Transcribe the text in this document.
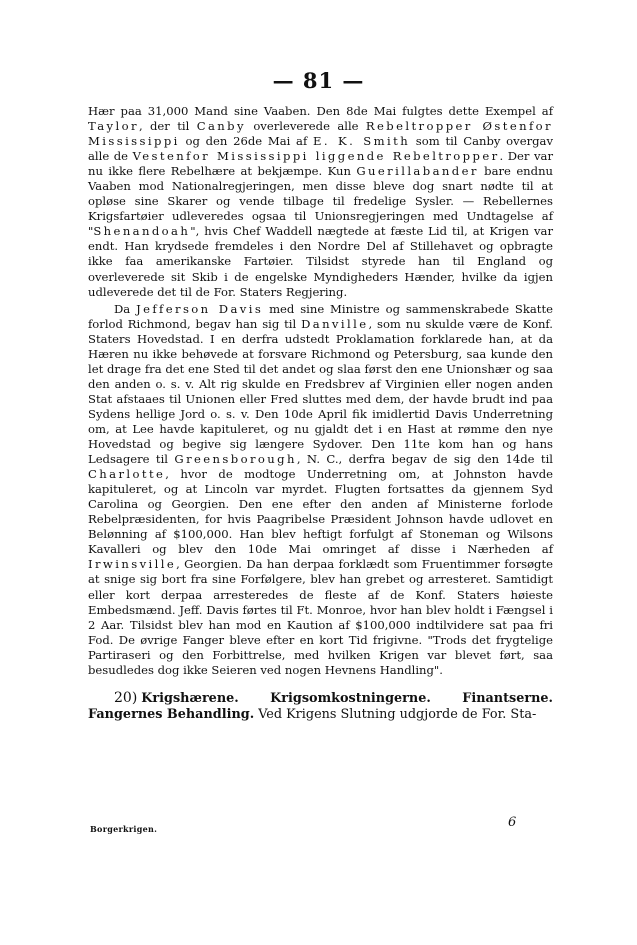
— 81 —

Hær paa 31,000 Mand sine Vaaben. Den 8de Mai fulgtes dette Exempel af Taylor, der til Canby overleverede alle Rebeltropper Østenfor Mississippi og den 26de Mai af E. K. Smith som til Canby overgav alle de Vestenfor Mississippi liggende Rebeltropper. Der var nu ikke flere Rebelhære at bekjæmpe. Kun Guerillabander bare endnu Vaaben mod Nationalregjeringen, men disse bleve dog snart nødte til at opløse sine Skarer og vende tilbage til fredelige Sysler. — Rebellernes Krigsfartøier udleveredes ogsaa til Unionsregjeringen med Undtagelse af "Shenandoah", hvis Chef Waddell nægtede at fæste Lid til, at Krigen var endt. Han krydsede fremdeles i den Nordre Del af Stillehavet og opbragte ikke faa amerikanske Fartøier. Tilsidst styrede han til England og overleverede sit Skib i de engelske Myndigheders Hænder, hvilke da igjen udleverede det til de For. Staters Regjering.

Da Jefferson Davis med sine Ministre og sammenskrabede Skatte forlod Richmond, begav han sig til Danville, som nu skulde være de Konf. Staters Hovedstad. I en derfra udstedt Proklamation forklarede han, at da Hæren nu ikke behøvede at forsvare Richmond og Petersburg, saa kunde den let drage fra det ene Sted til det andet og slaa først den ene Unionshær og saa den anden o. s. v. Alt rig skulde en Fredsbrev af Virginien eller nogen anden Stat afstaaes til Unionen eller Fred sluttes med dem, der havde brudt ind paa Sydens hellige Jord o. s. v. Den 10de April fik imidlertid Davis Underretning om, at Lee havde kapituleret, og nu gjaldt det i en Hast at rømme den nye Hovedstad og begive sig længere Sydover. Den 11te kom han og hans Ledsagere til Greensborough, N. C., derfra begav de sig den 14de til Charlotte, hvor de modtoge Underretning om, at Johnston havde kapituleret, og at Lincoln var myrdet. Flugten fortsattes da gjennem Syd Carolina og Georgien. Den ene efter den anden af Ministerne forlode Rebelpræsidenten, for hvis Paagribelse Præsident Johnson havde udlovet en Belønning af $100,000. Han blev heftigt forfulgt af Stoneman og Wilsons Kavalleri og blev den 10de Mai omringet af disse i Nærheden af Irwinsville, Georgien. Da han derpaa forklædt som Fruentimmer forsøgte at snige sig bort fra sine Forfølgere, blev han grebet og arresteret. Samtidigt eller kort derpaa arresteredes de fleste af de Konf. Staters høieste Embedsmænd. Jeff. Davis førtes til Ft. Monroe, hvor han blev holdt i Fængsel i 2 Aar. Tilsidst blev han mod en Kaution af $100,000 indtilvidere sat paa fri Fod. De øvrige Fanger bleve efter en kort Tid frigivne. "Trods det frygtelige Partiraseri og den Forbittrelse, med hvilken Krigen var blevet ført, saa besudledes dog ikke Seieren ved nogen Hevnens Handling".

20) Krigshærene. Krigsomkostningerne. Finantserne. Fangernes Behandling. Ved Krigens Slutning udgjorde de For. Sta-

Borgerkrigen.	6
